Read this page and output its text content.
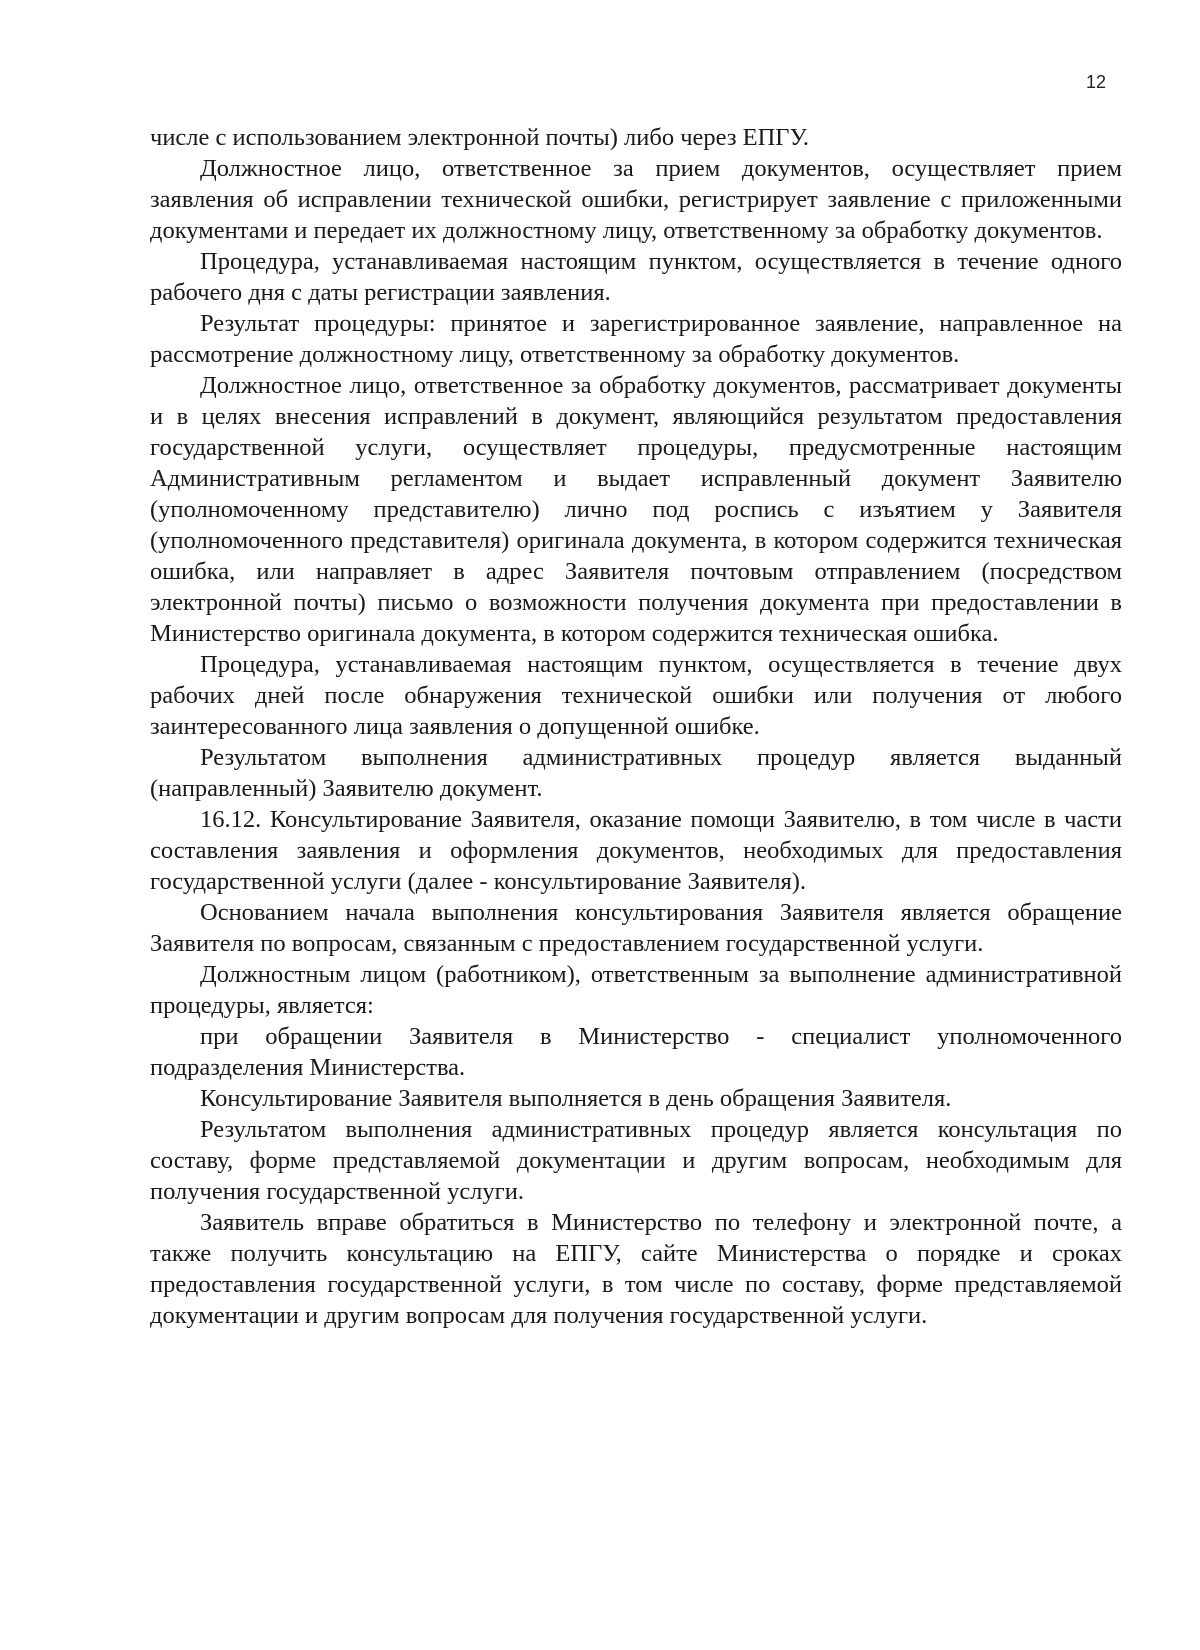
12

числе с использованием электронной почты) либо через ЕПГУ.

Должностное лицо, ответственное за прием документов, осуществляет прием заявления об исправлении технической ошибки, регистрирует заявление с приложенными документами и передает их должностному лицу, ответственному за обработку документов.

Процедура, устанавливаемая настоящим пунктом, осуществляется в течение одного рабочего дня с даты регистрации заявления.

Результат процедуры: принятое и зарегистрированное заявление, направленное на рассмотрение должностному лицу, ответственному за обработку документов.

Должностное лицо, ответственное за обработку документов, рассматривает документы и в целях внесения исправлений в документ, являющийся результатом предоставления государственной услуги, осуществляет процедуры, предусмотренные настоящим Административным регламентом и выдает исправленный документ Заявителю (уполномоченному представителю) лично под роспись с изъятием у Заявителя (уполномоченного представителя) оригинала документа, в котором содержится техническая ошибка, или направляет в адрес Заявителя почтовым отправлением (посредством электронной почты) письмо о возможности получения документа при предоставлении в Министерство оригинала документа, в котором содержится техническая ошибка.

Процедура, устанавливаемая настоящим пунктом, осуществляется в течение двух рабочих дней после обнаружения технической ошибки или получения от любого заинтересованного лица заявления о допущенной ошибке.

Результатом выполнения административных процедур является выданный (направленный) Заявителю документ.

16.12. Консультирование Заявителя, оказание помощи Заявителю, в том числе в части составления заявления и оформления документов, необходимых для предоставления государственной услуги (далее - консультирование Заявителя).

Основанием начала выполнения консультирования Заявителя является обращение Заявителя по вопросам, связанным с предоставлением государственной услуги.

Должностным лицом (работником), ответственным за выполнение административной процедуры, является:

при обращении Заявителя в Министерство - специалист уполномоченного подразделения Министерства.

Консультирование Заявителя выполняется в день обращения Заявителя.

Результатом выполнения административных процедур является консультация по составу, форме представляемой документации и другим вопросам, необходимым для получения государственной услуги.

Заявитель вправе обратиться в Министерство по телефону и электронной почте, а также получить консультацию на ЕПГУ, сайте Министерства о порядке и сроках предоставления государственной услуги, в том числе по составу, форме представляемой документации и другим вопросам для получения государственной услуги.
